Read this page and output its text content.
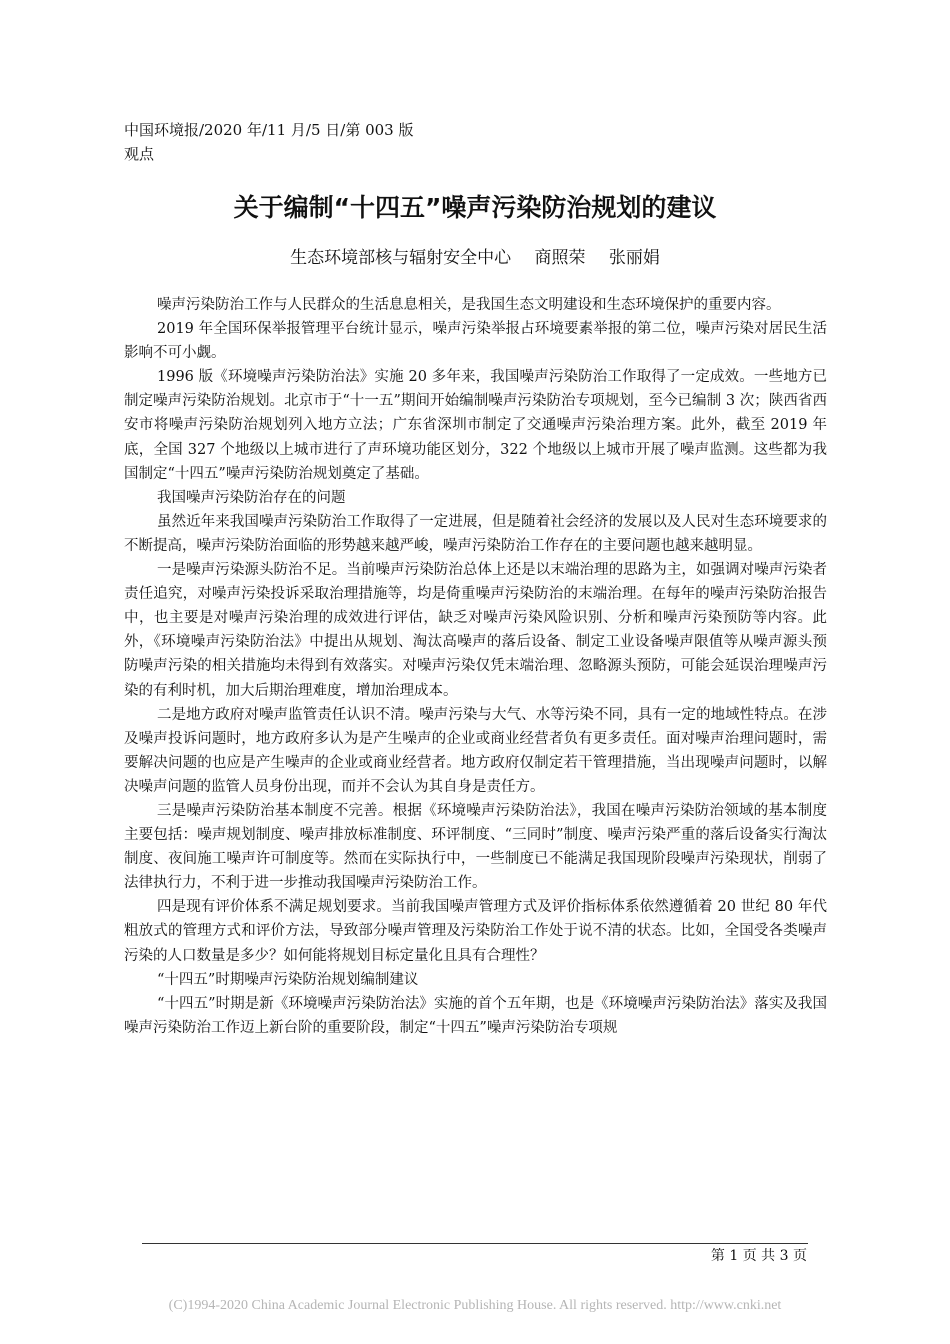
中国环境报/2020 年/11 月/5 日/第 003 版
观点
关于编制“十四五”噪声污染防治规划的建议
生态环境部核与辐射安全中心 商照荣 张丽娟

噪声污染防治工作与人民群众的生活息息相关，是我国生态文明建设和生态环境保护的重要内容。

2019 年全国环保举报管理平台统计显示，噪声污染举报占环境要素举报的第二位，噪声污染对居民生活影响不可小觑。

1996 版《环境噪声污染防治法》实施 20 多年来，我国噪声污染防治工作取得了一定成效。一些地方已制定噪声污染防治规划。北京市于“十一五”期间开始编制噪声污染防治专项规划，至今已编制 3 次；陕西省西安市将噪声污染防治规划列入地方立法；广东省深圳市制定了交通噪声污染治理方案。此外，截至 2019 年底，全国 327 个地级以上城市进行了声环境功能区划分，322 个地级以上城市开展了噪声监测。这些都为我国制定“十四五”噪声污染防治规划奠定了基础。

我国噪声污染防治存在的问题

虽然近年来我国噪声污染防治工作取得了一定进展，但是随着社会经济的发展以及人民对生态环境要求的不断提高，噪声污染防治面临的形势越来越严峻，噪声污染防治工作存在的主要问题也越来越明显。

一是噪声污染源头防治不足。当前噪声污染防治总体上还是以末端治理的思路为主，如强调对噪声污染者责任追究，对噪声污染投诉采取治理措施等，均是倚重噪声污染防治的末端治理。在每年的噪声污染防治报告中，也主要是对噪声污染治理的成效进行评估，缺乏对噪声污染风险识别、分析和噪声污染预防等内容。此外，《环境噪声污染防治法》中提出从规划、淘汰高噪声的落后设备、制定工业设备噪声限值等从噪声源头预防噪声污染的相关措施均未得到有效落实。对噪声污染仅凭末端治理、忽略源头预防，可能会延误治理噪声污染的有利时机，加大后期治理难度，增加治理成本。

二是地方政府对噪声监管责任认识不清。噪声污染与大气、水等污染不同，具有一定的地域性特点。在涉及噪声投诉问题时，地方政府多认为是产生噪声的企业或商业经营者负有更多责任。面对噪声治理问题时，需要解决问题的也应是产生噪声的企业或商业经营者。地方政府仅制定若干管理措施，当出现噪声问题时，以解决噪声问题的监管人员身份出现，而并不会认为其自身是责任方。

三是噪声污染防治基本制度不完善。根据《环境噪声污染防治法》，我国在噪声污染防治领域的基本制度主要包括：噪声规划制度、噪声排放标准制度、环评制度、“三同时”制度、噪声污染严重的落后设备实行淘汰制度、夜间施工噪声许可制度等。然而在实际执行中，一些制度已不能满足我国现阶段噪声污染现状，削弱了法律执行力，不利于进一步推动我国噪声污染防治工作。

四是现有评价体系不满足规划要求。当前我国噪声管理方式及评价指标体系依然遵循着 20 世纪 80 年代粗放式的管理方式和评价方法，导致部分噪声管理及污染防治工作处于说不清的状态。比如，全国受各类噪声污染的人口数量是多少？如何能将规划目标定量化且具有合理性？

“十四五”时期噪声污染防治规划编制建议

“十四五”时期是新《环境噪声污染防治法》实施的首个五年期，也是《环境噪声污染防治法》落实及我国噪声污染防治工作迈上新台阶的重要阶段，制定“十四五”噪声污染防治专项规

第 1 页 共 3 页
(C)1994-2020 China Academic Journal Electronic Publishing House. All rights reserved. http://www.cnki.net
